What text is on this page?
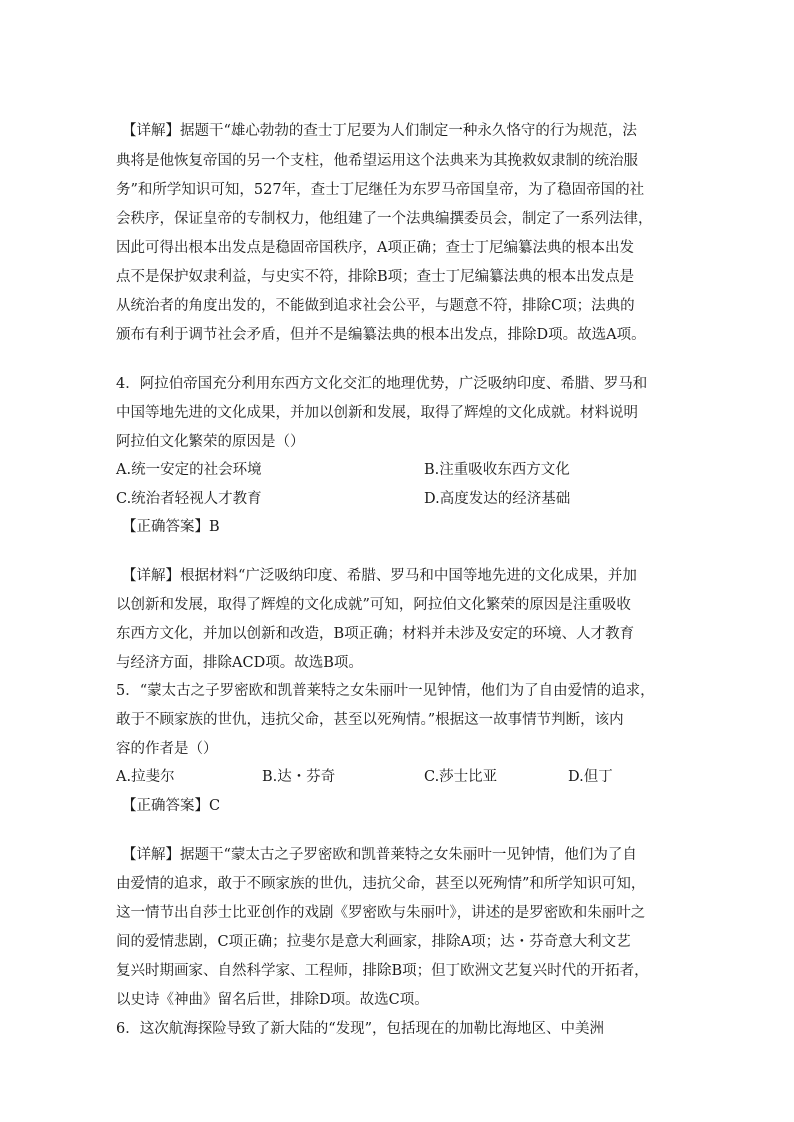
【详解】据题干“雄心勃勃的查士丁尼要为人们制定一种永久恪守的行为规范，法
典将是他恢复帝国的另一个支柱，他希望运用这个法典来为其挽救奴隶制的统治服
务”和所学知识可知，527年，查士丁尼继任为东罗马帝国皇帝，为了稳固帝国的社
会秩序，保证皇帝的专制权力，他组建了一个法典编撰委员会，制定了一系列法律，
因此可得出根本出发点是稳固帝国秩序，A项正确；查士丁尼编纂法典的根本出发
点不是保护奴隶利益，与史实不符，排除B项；查士丁尼编纂法典的根本出发点是
从统治者的角度出发的，不能做到追求社会公平，与题意不符，排除C项；法典的
颁布有利于调节社会矛盾，但并不是编纂法典的根本出发点，排除D项。故选A项。
4．阿拉伯帝国充分利用东西方文化交汇的地理优势，广泛吸纳印度、希腊、罗马和
中国等地先进的文化成果，并加以创新和发展，取得了辉煌的文化成就。材料说明
阿拉伯文化繁荣的原因是（）
A.统一安定的社会环境	B.注重吸收东西方文化
C.统治者轻视人才教育	D.高度发达的经济基础
【正确答案】B
【详解】根据材料“广泛吸纳印度、希腊、罗马和中国等地先进的文化成果，并加
以创新和发展，取得了辉煌的文化成就”可知，阿拉伯文化繁荣的原因是注重吸收
东西方文化，并加以创新和改造，B项正确；材料并未涉及安定的环境、人才教育
与经济方面，排除ACD项。故选B项。
5．“蒙太古之子罗密欧和凯普莱特之女朱丽叶一见钟情，他们为了自由爱情的追求，
敢于不顾家族的世仇，违抗父命，甚至以死殉情。”根据这一故事情节判断，该内
容的作者是（）
A.拉斐尔	B.达・芬奇	C.莎士比亚	D.但丁
【正确答案】C
【详解】据题干“蒙太古之子罗密欧和凯普莱特之女朱丽叶一见钟情，他们为了自
由爱情的追求，敢于不顾家族的世仇，违抗父命，甚至以死殉情”和所学知识可知，
这一情节出自莎士比亚创作的戏剧《罗密欧与朱丽叶》，讲述的是罗密欧和朱丽叶之
间的爱情悲剧，C项正确；拉斐尔是意大利画家，排除A项；达・芬奇意大利文艺
复兴时期画家、自然科学家、工程师，排除B项；但丁欧洲文艺复兴时代的开拓者，
以史诗《神曲》留名后世，排除D项。故选C项。
6．这次航海探险导致了新大陆的“发现”，包括现在的加勒比海地区、中美洲
